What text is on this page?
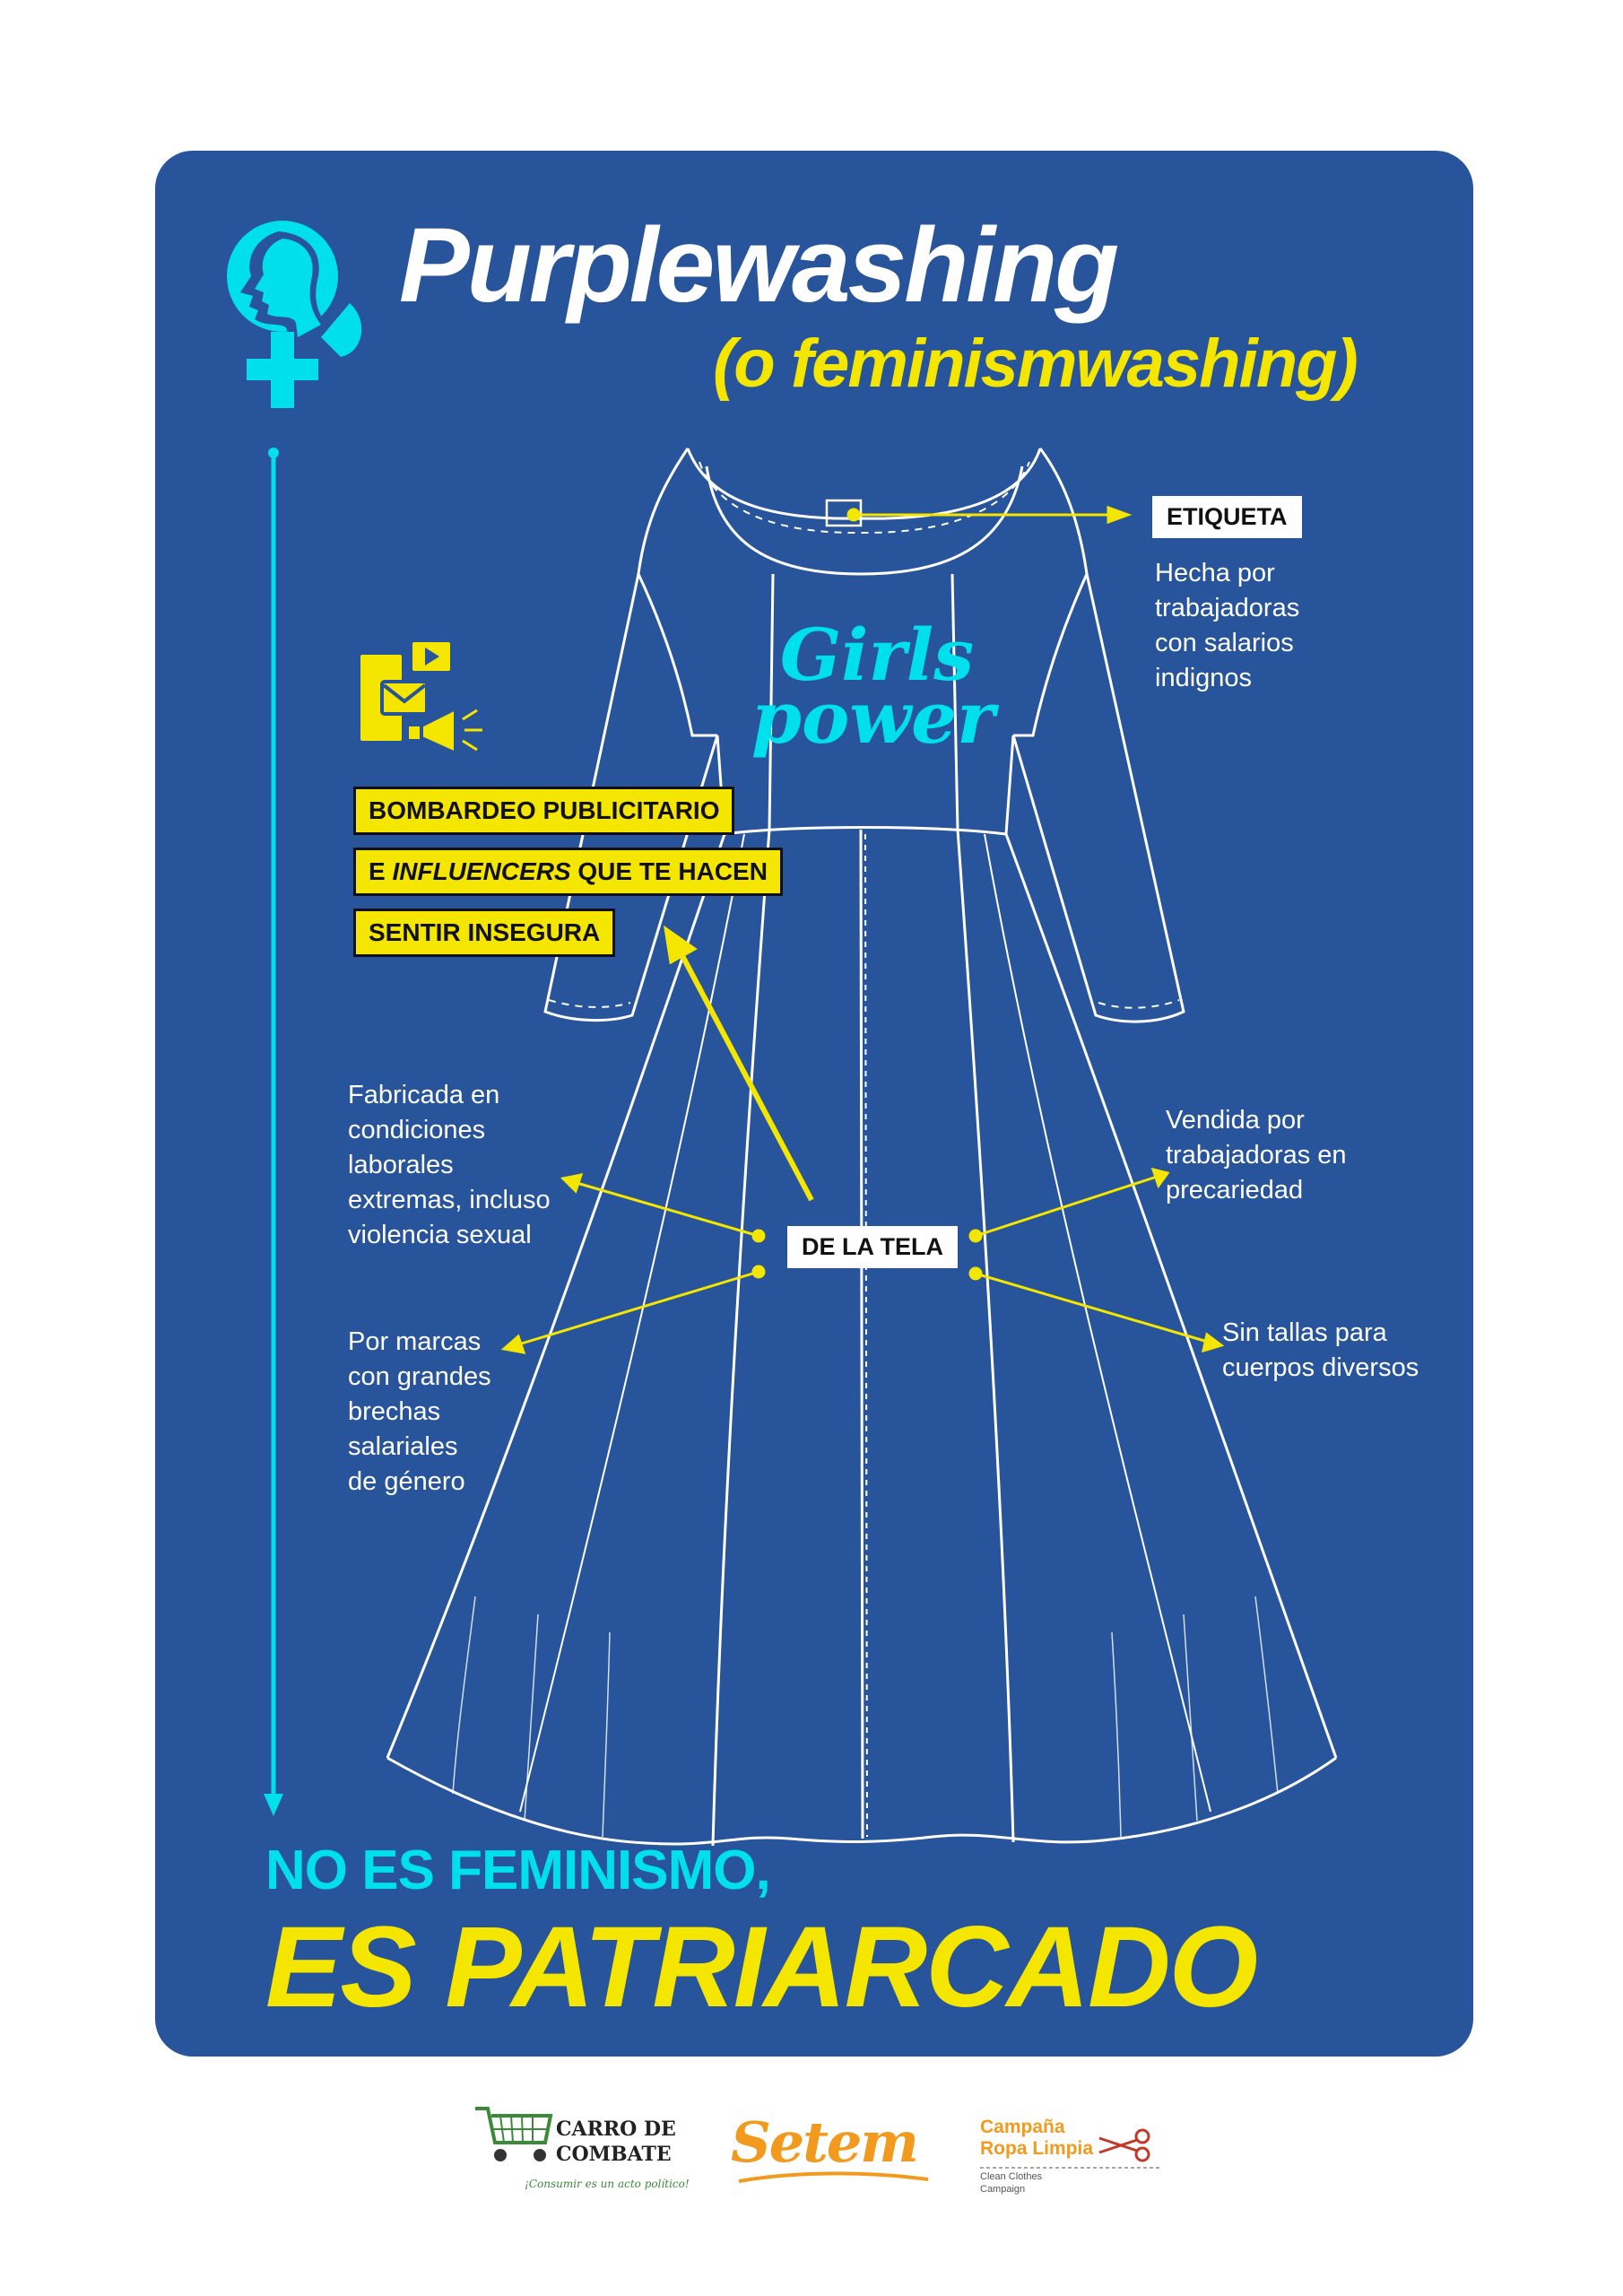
Purplewashing
(o feminismwashing)
Girls
power
ETIQUETA
Hecha por
trabajadoras
con salarios
indignos
DE LA TELA
BOMBARDEO PUBLICITARIO
E INFLUENCERS QUE TE HACEN
SENTIR INSEGURA
Fabricada en
condiciones
laborales
extremas, incluso
violencia sexual
Por marcas
con grandes
brechas
salariales
de género
Vendida por
trabajadoras en
precariedad
Sin tallas para
cuerpos diversos
NO ES FEMINISMO,
ES PATRIARCADO
CARRO DE
COMBATE
¡Consumir es un acto político!
Setem	Campaña
Ropa Limpia
Clean Clothes
Campaign
